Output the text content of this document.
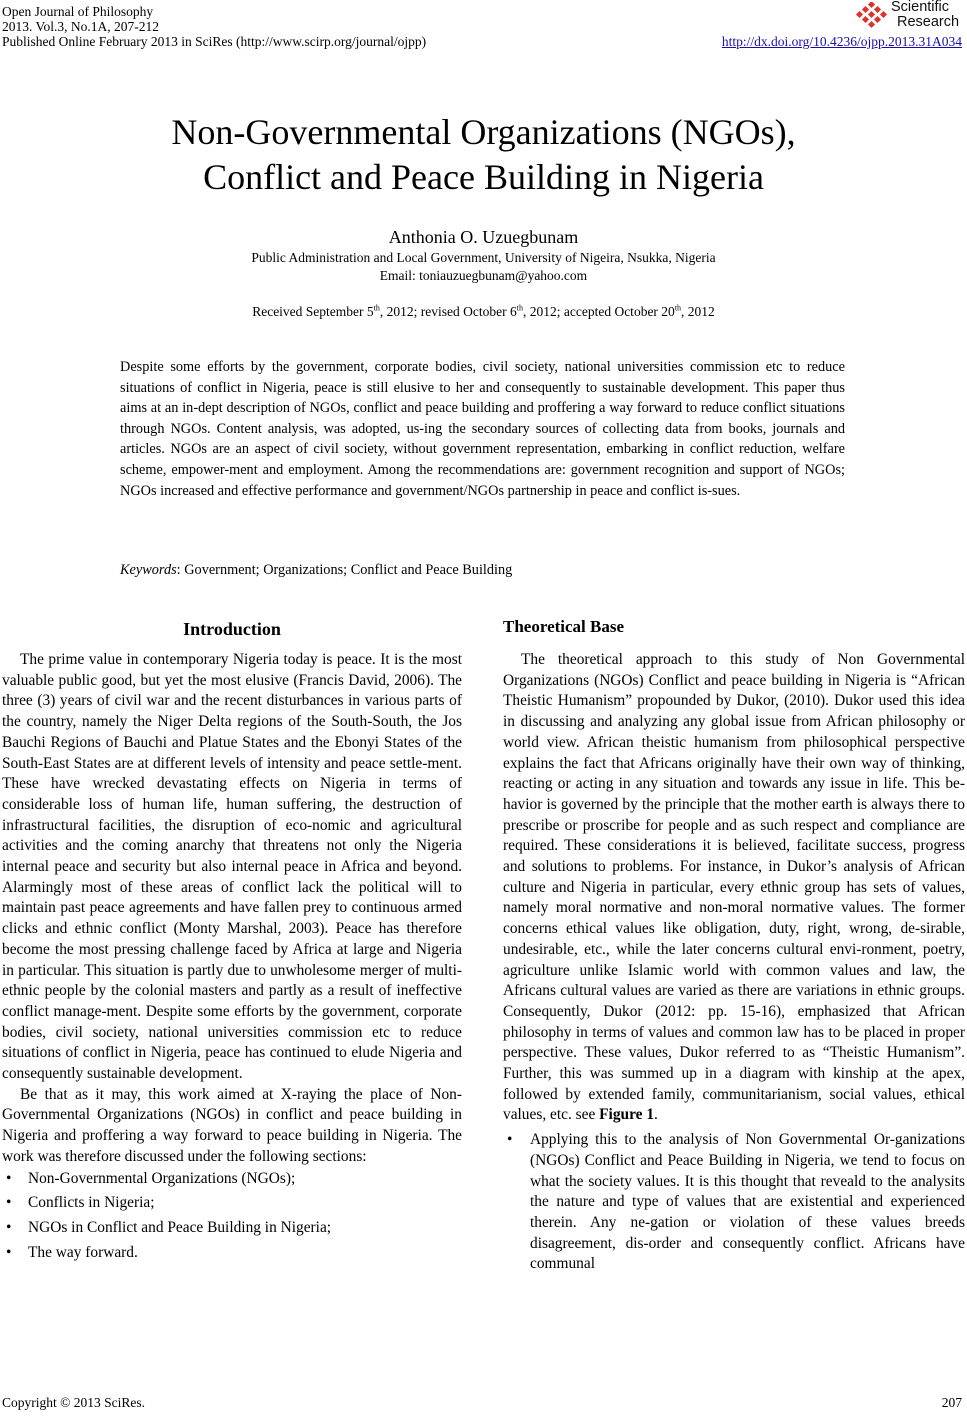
Open Journal of Philosophy
2013. Vol.3, No.1A, 207-212
Published Online February 2013 in SciRes (http://www.scirp.org/journal/ojpp)	http://dx.doi.org/10.4236/ojpp.2013.31A034
Scientific
Research
Non-Governmental Organizations (NGOs),
Conflict and Peace Building in Nigeria
Anthonia O. Uzuegbunam
Public Administration and Local Government, University of Nigeira, Nsukka, Nigeria
Email: toniauzuegbunam@yahoo.com
Received September 5th, 2012; revised October 6th, 2012; accepted October 20th, 2012
Despite some efforts by the government, corporate bodies, civil society, national universities commission etc to reduce situations of conflict in Nigeria, peace is still elusive to her and consequently to sustainable development. This paper thus aims at an in-dept description of NGOs, conflict and peace building and proffering a way forward to reduce conflict situations through NGOs. Content analysis, was adopted, us-ing the secondary sources of collecting data from books, journals and articles. NGOs are an aspect of civil society, without government representation, embarking in conflict reduction, welfare scheme, empower-ment and employment. Among the recommendations are: government recognition and support of NGOs; NGOs increased and effective performance and government/NGOs partnership in peace and conflict is-sues.
Keywords: Government; Organizations; Conflict and Peace Building
Introduction

The prime value in contemporary Nigeria today is peace. It is the most valuable public good, but yet the most elusive (Francis David, 2006). The three (3) years of civil war and the recent disturbances in various parts of the country, namely the Niger Delta regions of the South-South, the Jos Bauchi Regions of Bauchi and Platue States and the Ebonyi States of the South-East States are at different levels of intensity and peace settle-ment. These have wrecked devastating effects on Nigeria in terms of considerable loss of human life, human suffering, the destruction of infrastructural facilities, the disruption of eco-nomic and agricultural activities and the coming anarchy that threatens not only the Nigeria internal peace and security but also internal peace in Africa and beyond. Alarmingly most of these areas of conflict lack the political will to maintain past peace agreements and have fallen prey to continuous armed clicks and ethnic conflict (Monty Marshal, 2003). Peace has therefore become the most pressing challenge faced by Africa at large and Nigeria in particular. This situation is partly due to unwholesome merger of multi-ethnic people by the colonial masters and partly as a result of ineffective conflict manage-ment. Despite some efforts by the government, corporate bodies, civil society, national universities commission etc to reduce situations of conflict in Nigeria, peace has continued to elude Nigeria and consequently sustainable development.

Be that as it may, this work aimed at X-raying the place of Non-Governmental Organizations (NGOs) in conflict and peace building in Nigeria and proffering a way forward to peace building in Nigeria. The work was therefore discussed under the following sections:

• Non-Governmental Organizations (NGOs);
• Conflicts in Nigeria;
• NGOs in Conflict and Peace Building in Nigeria;
• The way forward.
Theoretical Base

The theoretical approach to this study of Non Governmental Organizations (NGOs) Conflict and peace building in Nigeria is “African Theistic Humanism” propounded by Dukor, (2010). Dukor used this idea in discussing and analyzing any global issue from African philosophy or world view. African theistic humanism from philosophical perspective explains the fact that Africans originally have their own way of thinking, reacting or acting in any situation and towards any issue in life. This be-havior is governed by the principle that the mother earth is always there to prescribe or proscribe for people and as such respect and compliance are required. These considerations it is believed, facilitate success, progress and solutions to problems. For instance, in Dukor’s analysis of African culture and Nigeria in particular, every ethnic group has sets of values, namely moral normative and non-moral normative values. The former concerns ethical values like obligation, duty, right, wrong, de-sirable, undesirable, etc., while the later concerns cultural envi-ronment, poetry, agriculture unlike Islamic world with common values and law, the Africans cultural values are varied as there are variations in ethnic groups. Consequently, Dukor (2012: pp. 15-16), emphasized that African philosophy in terms of values and common law has to be placed in proper perspective. These values, Dukor referred to as “Theistic Humanism”. Further, this was summed up in a diagram with kinship at the apex, followed by extended family, communitarianism, social values, ethical values, etc. see Figure 1.

• Applying this to the analysis of Non Governmental Or-ganizations (NGOs) Conflict and Peace Building in Nigeria, we tend to focus on what the society values. It is this thought that reveald to the analysits the nature and type of values that are existential and experienced therein. Any ne-gation or violation of these values breeds disagreement, dis-order and consequently conflict. Africans have communal
Copyright © 2013 SciRes.	207
